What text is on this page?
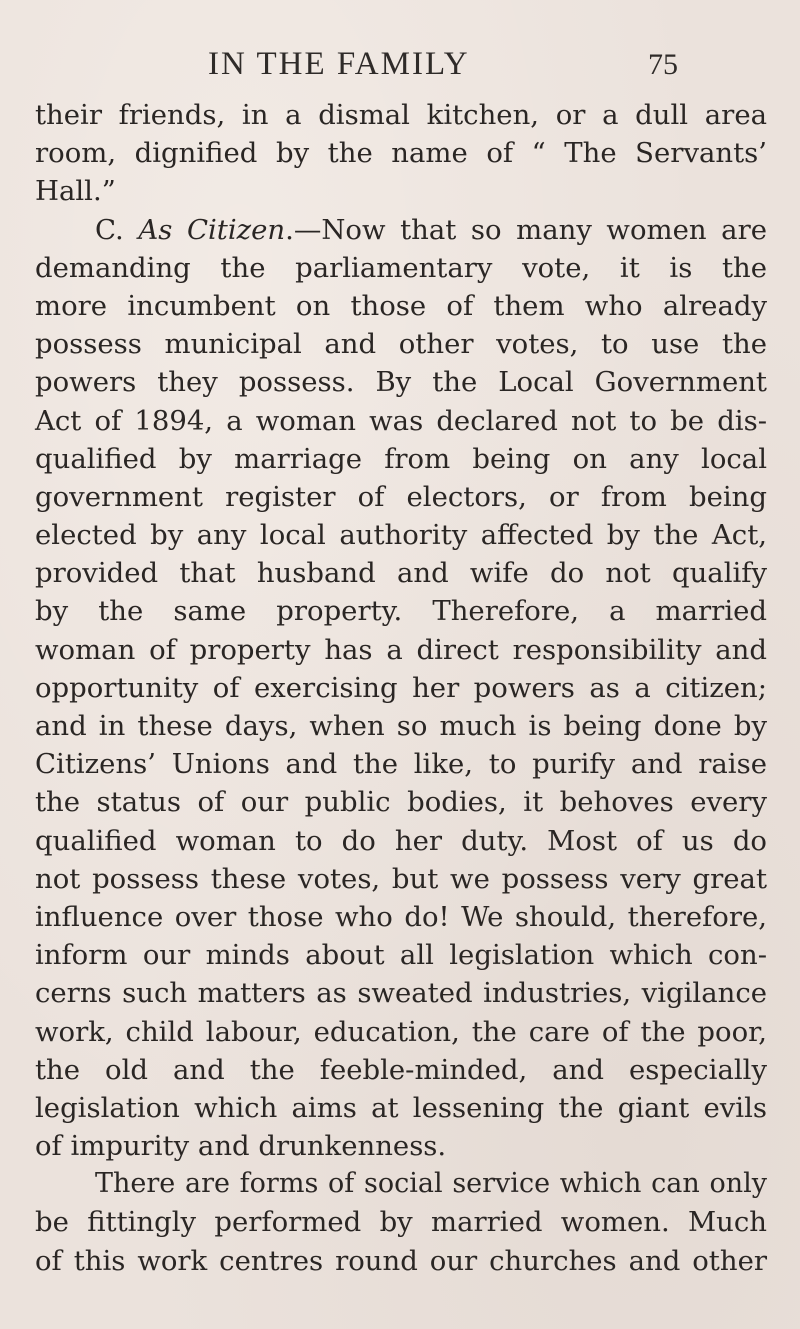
IN THE FAMILY	75
their friends, in a dismal kitchen, or a dull area
room, dignified by the name of “ The Servants’
Hall.”
C. As Citizen.—Now that so many women are
demanding the parliamentary vote, it is the
more incumbent on those of them who already
possess municipal and other votes, to use the
powers they possess. By the Local Government
Act of 1894, a woman was declared not to be dis-
qualified by marriage from being on any local
government register of electors, or from being
elected by any local authority affected by the Act,
provided that husband and wife do not qualify
by the same property. Therefore, a married
woman of property has a direct responsibility and
opportunity of exercising her powers as a citizen;
and in these days, when so much is being done by
Citizens’ Unions and the like, to purify and raise
the status of our public bodies, it behoves every
qualified woman to do her duty. Most of us do
not possess these votes, but we possess very great
influence over those who do! We should, therefore,
inform our minds about all legislation which con-
cerns such matters as sweated industries, vigilance
work, child labour, education, the care of the poor,
the old and the feeble-minded, and especially
legislation which aims at lessening the giant evils
of impurity and drunkenness.
There are forms of social service which can only
be fittingly performed by married women. Much
of this work centres round our churches and other
